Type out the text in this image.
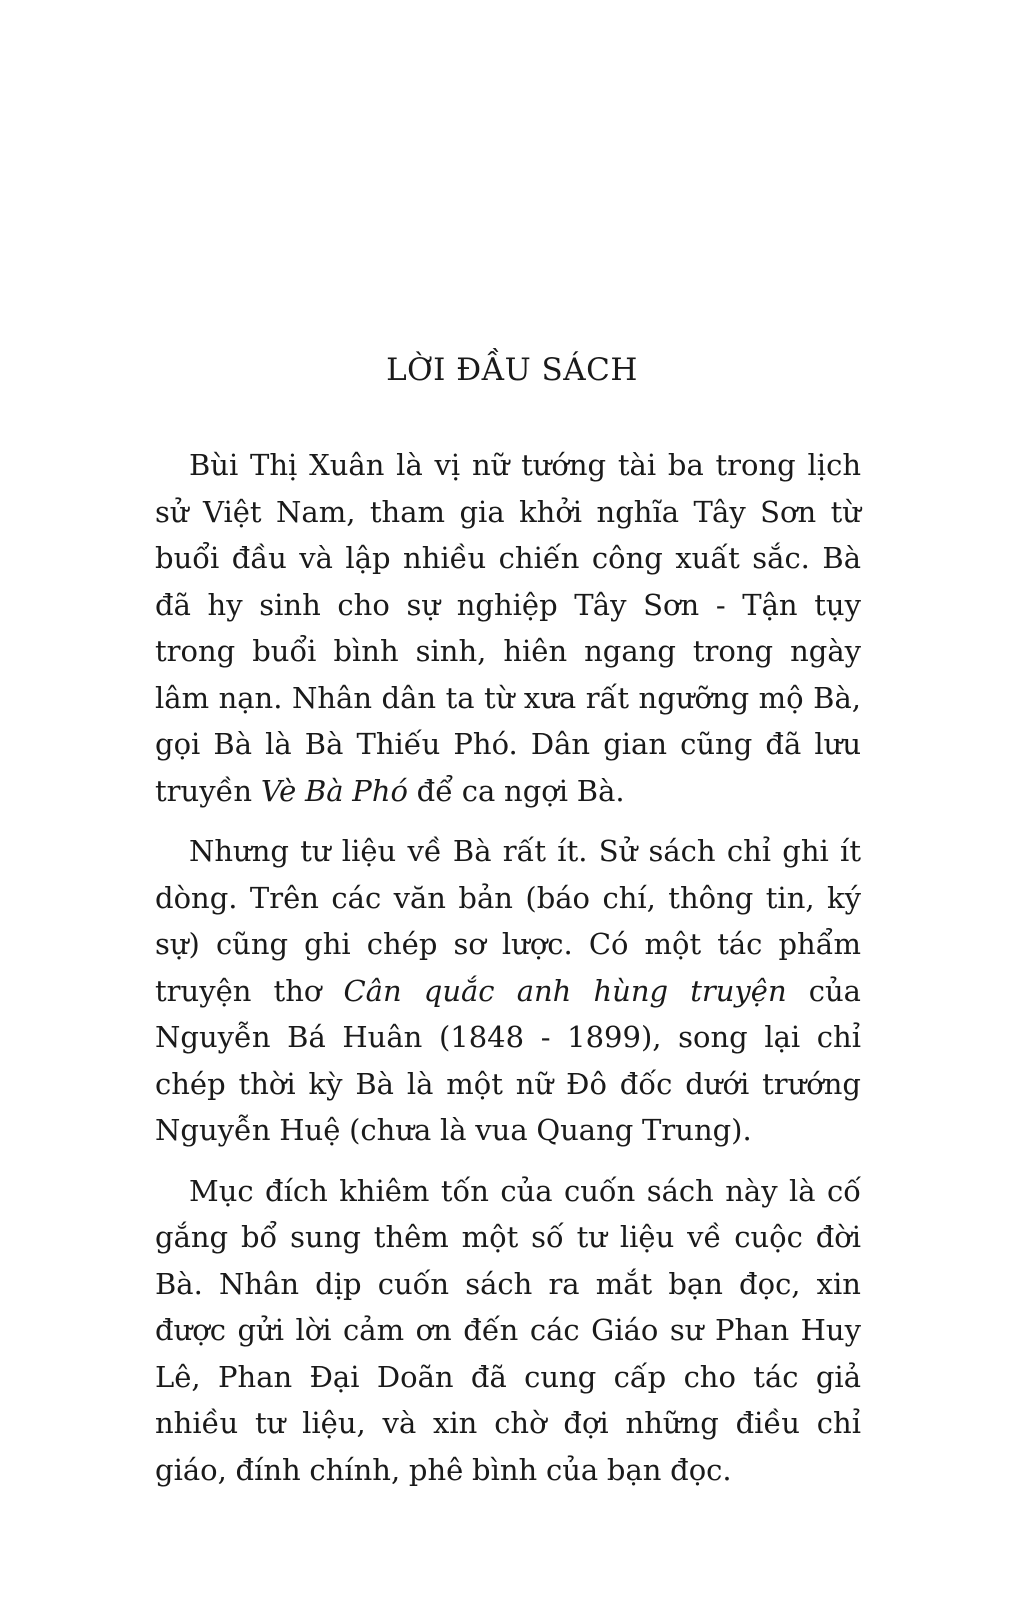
LỜI ĐẦU SÁCH

Bùi Thị Xuân là vị nữ tướng tài ba trong lịch sử Việt Nam, tham gia khởi nghĩa Tây Sơn từ buổi đầu và lập nhiều chiến công xuất sắc. Bà đã hy sinh cho sự nghiệp Tây Sơn - Tận tụy trong buổi bình sinh, hiên ngang trong ngày lâm nạn. Nhân dân ta từ xưa rất ngưỡng mộ Bà, gọi Bà là Bà Thiếu Phó. Dân gian cũng đã lưu truyền Vè Bà Phó để ca ngợi Bà.

Nhưng tư liệu về Bà rất ít. Sử sách chỉ ghi ít dòng. Trên các văn bản (báo chí, thông tin, ký sự) cũng ghi chép sơ lược. Có một tác phẩm truyện thơ Cân quắc anh hùng truyện của Nguyễn Bá Huân (1848 - 1899), song lại chỉ chép thời kỳ Bà là một nữ Đô đốc dưới trướng Nguyễn Huệ (chưa là vua Quang Trung).

Mục đích khiêm tốn của cuốn sách này là cố gắng bổ sung thêm một số tư liệu về cuộc đời Bà. Nhân dịp cuốn sách ra mắt bạn đọc, xin được gửi lời cảm ơn đến các Giáo sư Phan Huy Lê, Phan Đại Doãn đã cung cấp cho tác giả nhiều tư liệu, và xin chờ đợi những điều chỉ giáo, đính chính, phê bình của bạn đọc.
